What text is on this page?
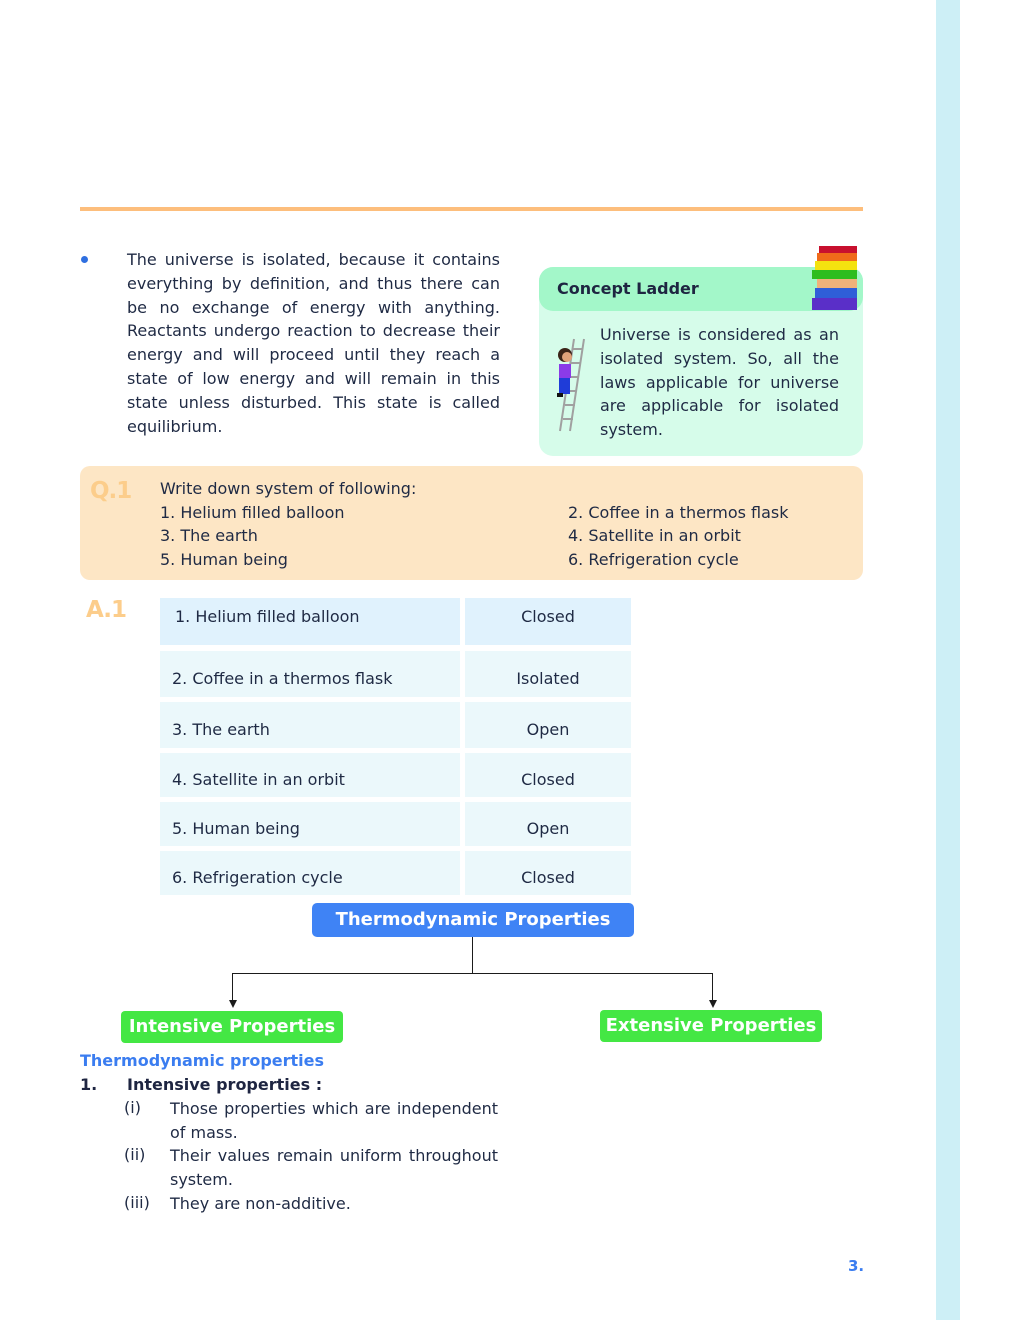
The universe is isolated, because it contains everything by definition, and thus there can be no exchange of energy with anything. Reactants undergo reaction to decrease their energy and will proceed until they reach a state of low energy and will remain in this state unless disturbed. This state is called equilibrium.

Concept Ladder

Universe is considered as an isolated system. So, all the laws applicable for universe are applicable for isolated system.

Q.1 Write down system of following:
1. Helium filled balloon	2. Coffee in a thermos flask
3. The earth	4. Satellite in an orbit
5. Human being	6. Refrigeration cycle
A.1	1. Helium filled balloon	Closed
2. Coffee in a thermos flask	Isolated
3. The earth	Open
4. Satellite in an orbit	Closed
5. Human being	Open
6. Refrigeration cycle	Closed
Thermodynamic Properties
Intensive Properties	Extensive Properties
Thermodynamic properties
1. Intensive properties :
(i) Those properties which are independent of mass.

(ii) Their values remain uniform throughout system.

(iii) They are non-additive.

3.
